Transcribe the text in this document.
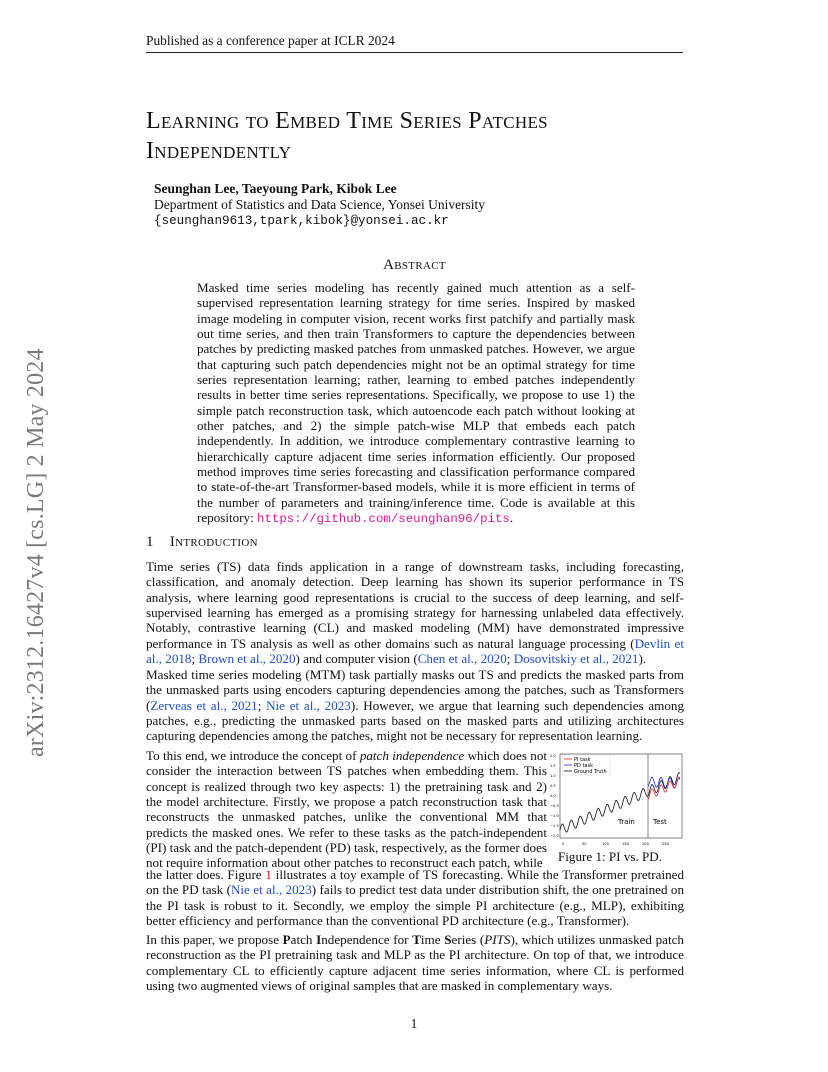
Published as a conference paper at ICLR 2024
arXiv:2312.16427v4 [cs.LG] 2 May 2024
Learning to Embed Time Series Patches
Independently
Seunghan Lee, Taeyoung Park, Kibok Lee
Department of Statistics and Data Science, Yonsei University
{seunghan9613,tpark,kibok}@yonsei.ac.kr
Abstract
Masked time series modeling has recently gained much attention as a self-supervised representation learning strategy for time series. Inspired by masked image modeling in computer vision, recent works first patchify and partially mask out time series, and then train Transformers to capture the dependencies between patches by predicting masked patches from unmasked patches. However, we argue that capturing such patch dependencies might not be an optimal strategy for time series representation learning; rather, learning to embed patches independently results in better time series representations. Specifically, we propose to use 1) the simple patch reconstruction task, which autoencode each patch without looking at other patches, and 2) the simple patch-wise MLP that embeds each patch independently. In addition, we introduce complementary contrastive learning to hierarchically capture adjacent time series information efficiently. Our proposed method improves time series forecasting and classification performance compared to state-of-the-art Transformer-based models, while it is more efficient in terms of the number of parameters and training/inference time. Code is available at this repository: https://github.com/seunghan96/pits.
1 Introduction
Time series (TS) data finds application in a range of downstream tasks, including forecasting, classification, and anomaly detection. Deep learning has shown its superior performance in TS analysis, where learning good representations is crucial to the success of deep learning, and self-supervised learning has emerged as a promising strategy for harnessing unlabeled data effectively. Notably, contrastive learning (CL) and masked modeling (MM) have demonstrated impressive performance in TS analysis as well as other domains such as natural language processing (Devlin et al., 2018; Brown et al., 2020) and computer vision (Chen et al., 2020; Dosovitskiy et al., 2021).
Masked time series modeling (MTM) task partially masks out TS and predicts the masked parts from the unmasked parts using encoders capturing dependencies among the patches, such as Transformers (Zerveas et al., 2021; Nie et al., 2023). However, we argue that learning such dependencies among patches, e.g., predicting the unmasked parts based on the masked parts and utilizing architectures capturing dependencies among the patches, might not be necessary for representation learning.
To this end, we introduce the concept of patch independence which does not consider the interaction between TS patches when embedding them. This concept is realized through two key aspects: 1) the pretraining task and 2) the model architecture. Firstly, we propose a patch reconstruction task that reconstructs the unmasked patches, unlike the conventional MM that predicts the masked ones. We refer to these tasks as the patch-independent (PI) task and the patch-dependent (PD) task, respectively, as the former does not require information about other patches to reconstruct each patch, while
2.0
1.5
1.0
0.5
0.0
−0.5
−1.0
−1.5
−2.0
0	50	100	150	200	250
PI task
PD task
Ground Truth
Train	Test
Figure 1: PI vs. PD.
the latter does. Figure 1 illustrates a toy example of TS forecasting. While the Transformer pretrained on the PD task (Nie et al., 2023) fails to predict test data under distribution shift, the one pretrained on the PI task is robust to it. Secondly, we employ the simple PI architecture (e.g., MLP), exhibiting better efficiency and performance than the conventional PD architecture (e.g., Transformer).
In this paper, we propose Patch Independence for Time Series (PITS), which utilizes unmasked patch reconstruction as the PI pretraining task and MLP as the PI architecture. On top of that, we introduce complementary CL to efficiently capture adjacent time series information, where CL is performed using two augmented views of original samples that are masked in complementary ways.
1
